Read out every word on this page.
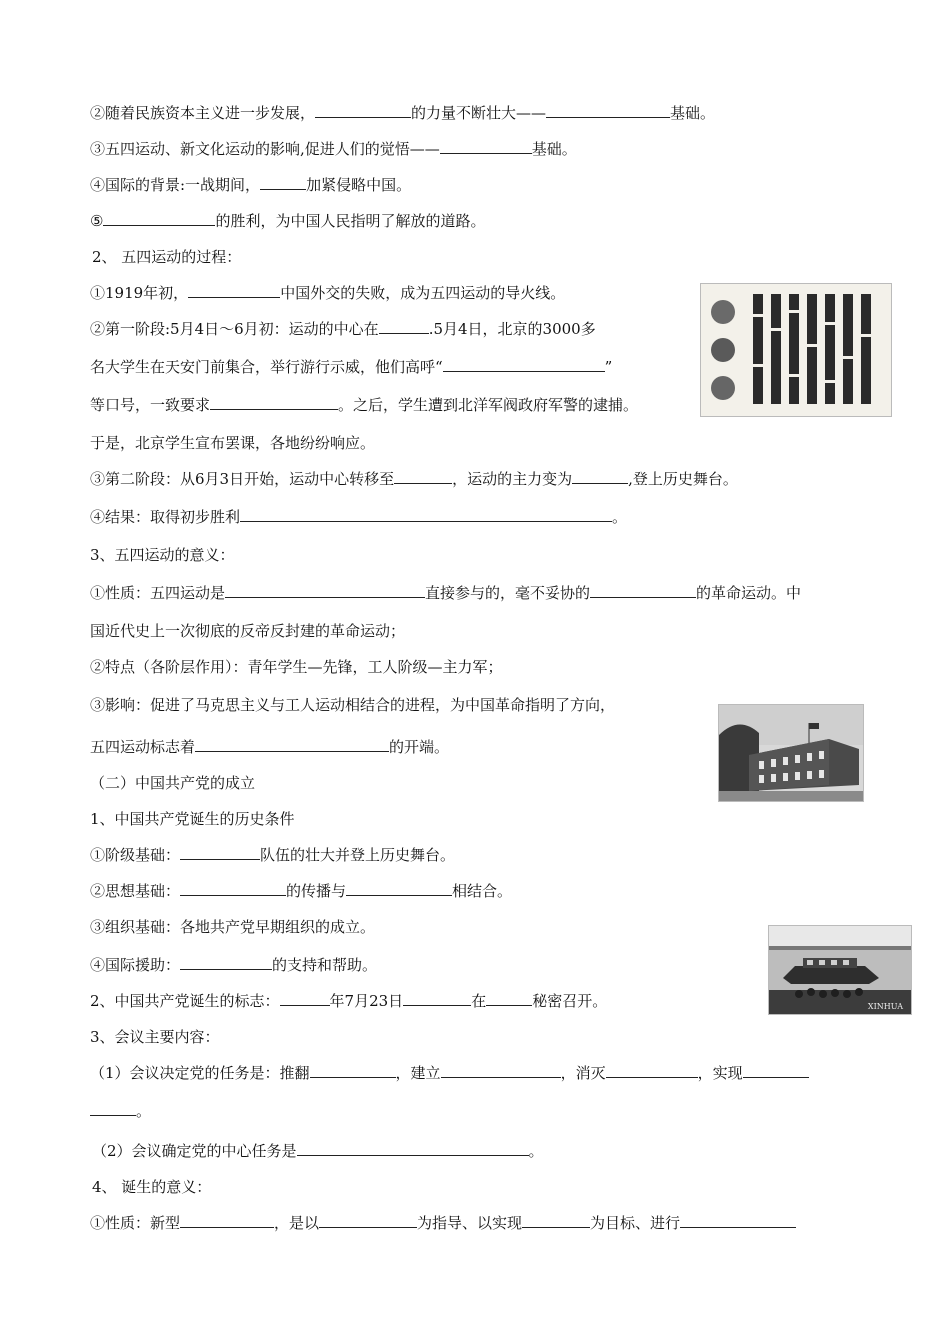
②随着民族资本主义进一步发展，	的力量不断壮大——	基础。
③五四运动、新文化运动的影响,促进人们的觉悟——	基础。
④国际的背景:一战期间，	加紧侵略中国。
⑤	的胜利，为中国人民指明了解放的道路。
2、 五四运动的过程：
①1919年初，	中国外交的失败，成为五四运动的导火线。
②第一阶段:5月4日～6月初：运动的中心在	.5月4日，北京的3000多
名大学生在天安门前集合，举行游行示威，他们高呼“	”
等口号，一致要求	。之后，学生遭到北洋军阀政府军警的逮捕。
于是，北京学生宣布罢课，各地纷纷响应。
③第二阶段：从6月3日开始，运动中心转移至	，运动的主力变为	,登上历史舞台。
④结果：取得初步胜利	。
3、五四运动的意义：
①性质：五四运动是	直接参与的，毫不妥协的	的革命运动。中
国近代史上一次彻底的反帝反封建的革命运动；
②特点（各阶层作用）：青年学生—先锋，工人阶级—主力军；
③影响：促进了马克思主义与工人运动相结合的进程，为中国革命指明了方向，
五四运动标志着	的开端。
（二）中国共产党的成立
1、中国共产党诞生的历史条件
①阶级基础：	队伍的壮大并登上历史舞台。
②思想基础：	的传播与	相结合。
③组织基础：各地共产党早期组织的成立。
④国际援助：	的支持和帮助。
2、中国共产党诞生的标志：	年7月23日	在	秘密召开。
3、会议主要内容：
（1）会议决定党的任务是：推翻	，建立	，消灭	，实现
。
（2）会议确定党的中心任务是	。
4、 诞生的意义：
①性质：新型	，是以	为指导、以实现	为目标、进行
XINHUA
